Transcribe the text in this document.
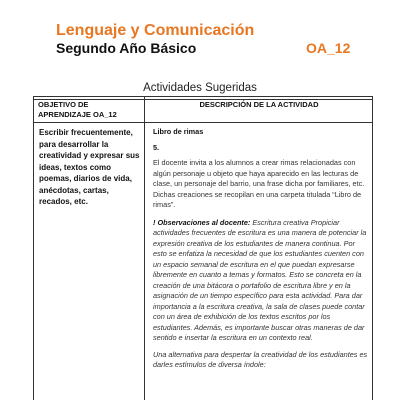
Lenguaje y Comunicación
Segundo Año Básico	OA_12
Actividades Sugeridas
OBJETIVO DE APRENDIZAJE OA_12
DESCRIPCIÓN DE LA ACTIVIDAD
Escribir frecuentemente, para desarrollar la creatividad y expresar sus ideas, textos como poemas, diarios de vida, anécdotas, cartas, recados, etc.
Libro de rimas
5.
El docente invita a los alumnos a crear rimas relacionadas con algún personaje u objeto que haya aparecido en las lecturas de clase, un personaje del barrio, una frase dicha por familiares, etc. Dichas creaciones se recopilan en una carpeta titulada “Libro de rimas”.
! Observaciones al docente: Escritura creativa Propiciar actividades frecuentes de escritura es una manera de potenciar la expresión creativa de los estudiantes de manera continua. Por esto se enfatiza la necesidad de que los estudiantes cuenten con un espacio semanal de escritura en el que puedan expresarse libremente en cuanto a temas y formatos. Esto se concreta en la creación de una bitácora o portafolio de escritura libre y en la asignación de un tiempo específico para esta actividad. Para dar importancia a la escritura creativa, la sala de clases puede contar con un área de exhibición de los textos escritos por los estudiantes. Además, es importante buscar otras maneras de dar sentido e insertar la escritura en un contexto real.
Una alternativa para despertar la creatividad de los estudiantes es darles estímulos de diversa índole:
